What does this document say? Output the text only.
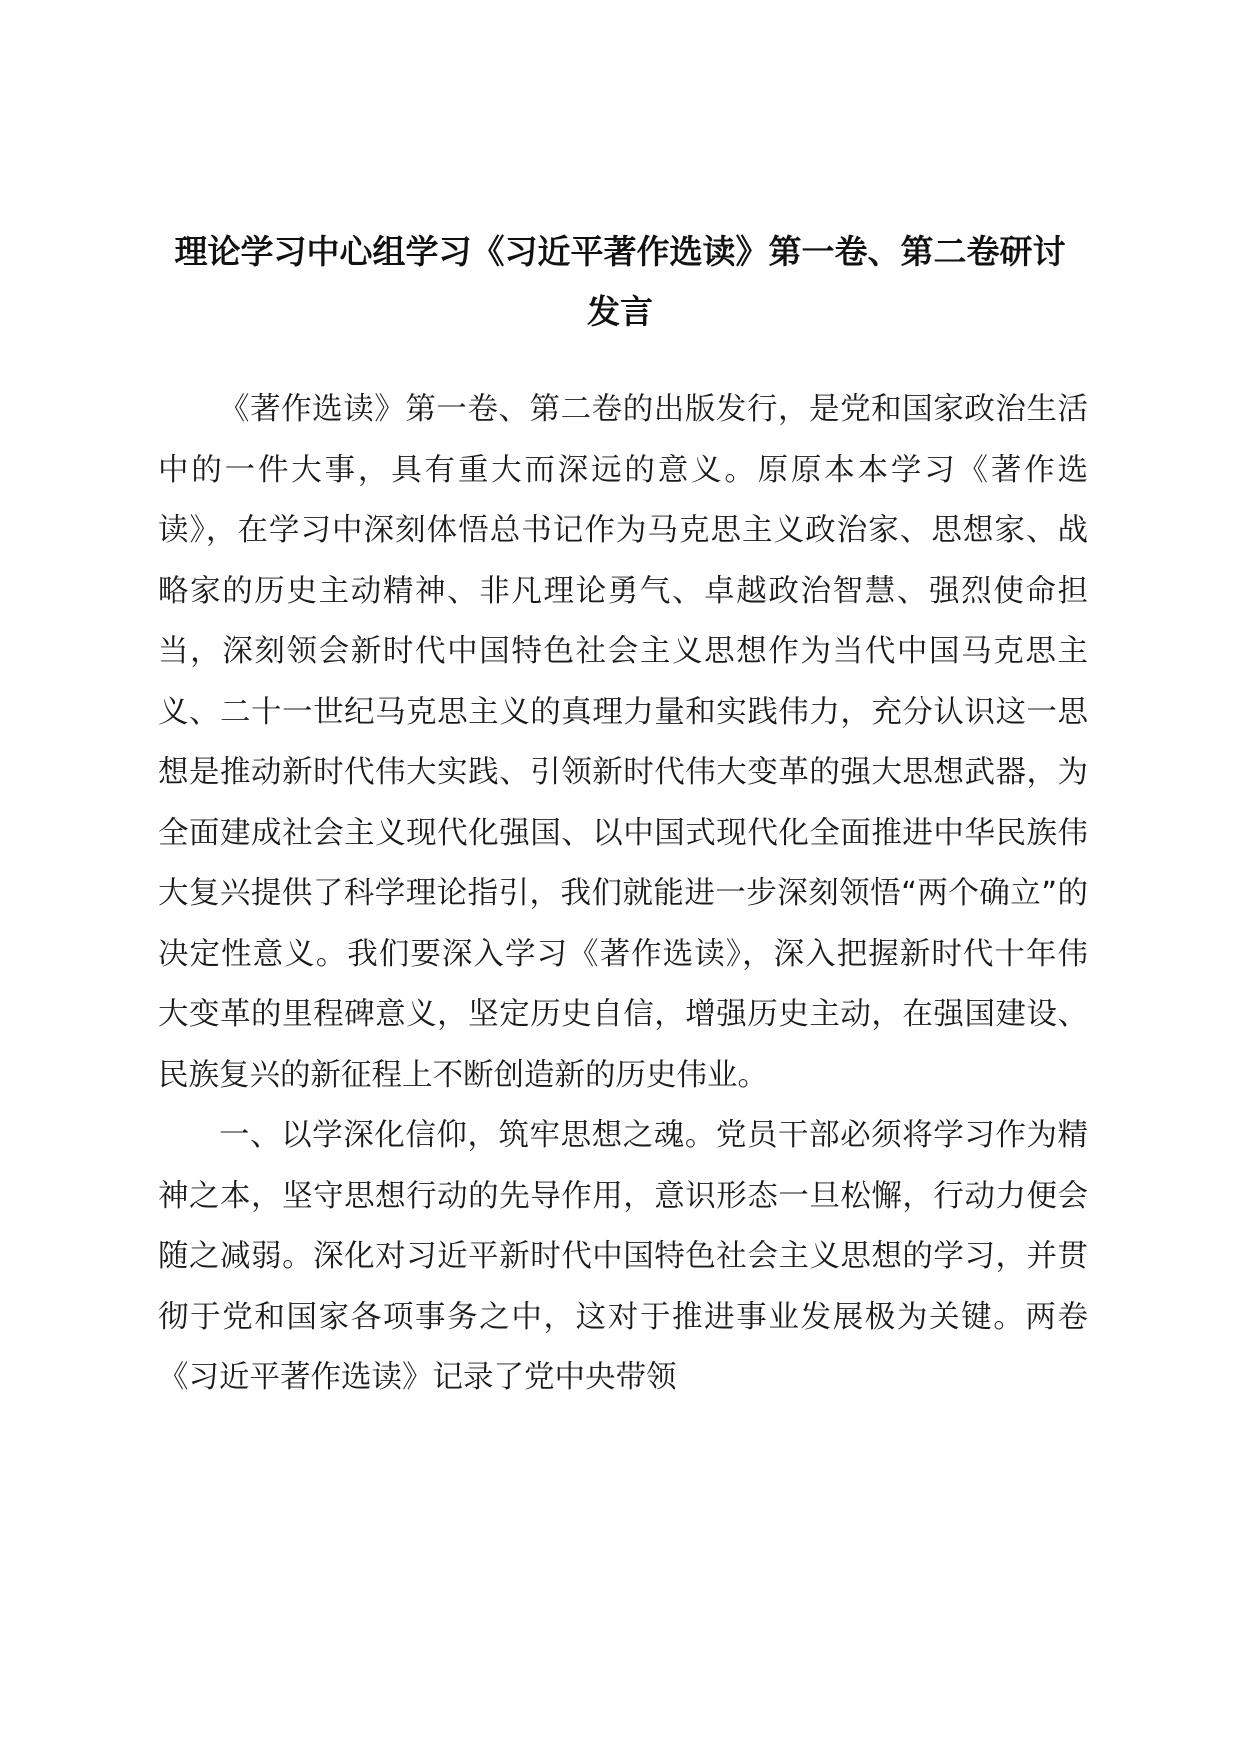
理论学习中心组学习《习近平著作选读》第一卷、第二卷研讨
发言

《著作选读》第一卷、第二卷的出版发行，是党和国家政治生活中的一件大事，具有重大而深远的意义。原原本本学习《著作选读》，在学习中深刻体悟总书记作为马克思主义政治家、思想家、战略家的历史主动精神、非凡理论勇气、卓越政治智慧、强烈使命担当，深刻领会新时代中国特色社会主义思想作为当代中国马克思主义、二十一世纪马克思主义的真理力量和实践伟力，充分认识这一思想是推动新时代伟大实践、引领新时代伟大变革的强大思想武器，为全面建成社会主义现代化强国、以中国式现代化全面推进中华民族伟大复兴提供了科学理论指引，我们就能进一步深刻领悟“两个确立”的决定性意义。我们要深入学习《著作选读》，深入把握新时代十年伟大变革的里程碑意义，坚定历史自信，增强历史主动，在强国建设、民族复兴的新征程上不断创造新的历史伟业。

一、以学深化信仰，筑牢思想之魂。党员干部必须将学习作为精神之本，坚守思想行动的先导作用，意识形态一旦松懈，行动力便会随之减弱。深化对习近平新时代中国特色社会主义思想的学习，并贯彻于党和国家各项事务之中，这对于推进事业发展极为关键。两卷《习近平著作选读》记录了党中央带领
